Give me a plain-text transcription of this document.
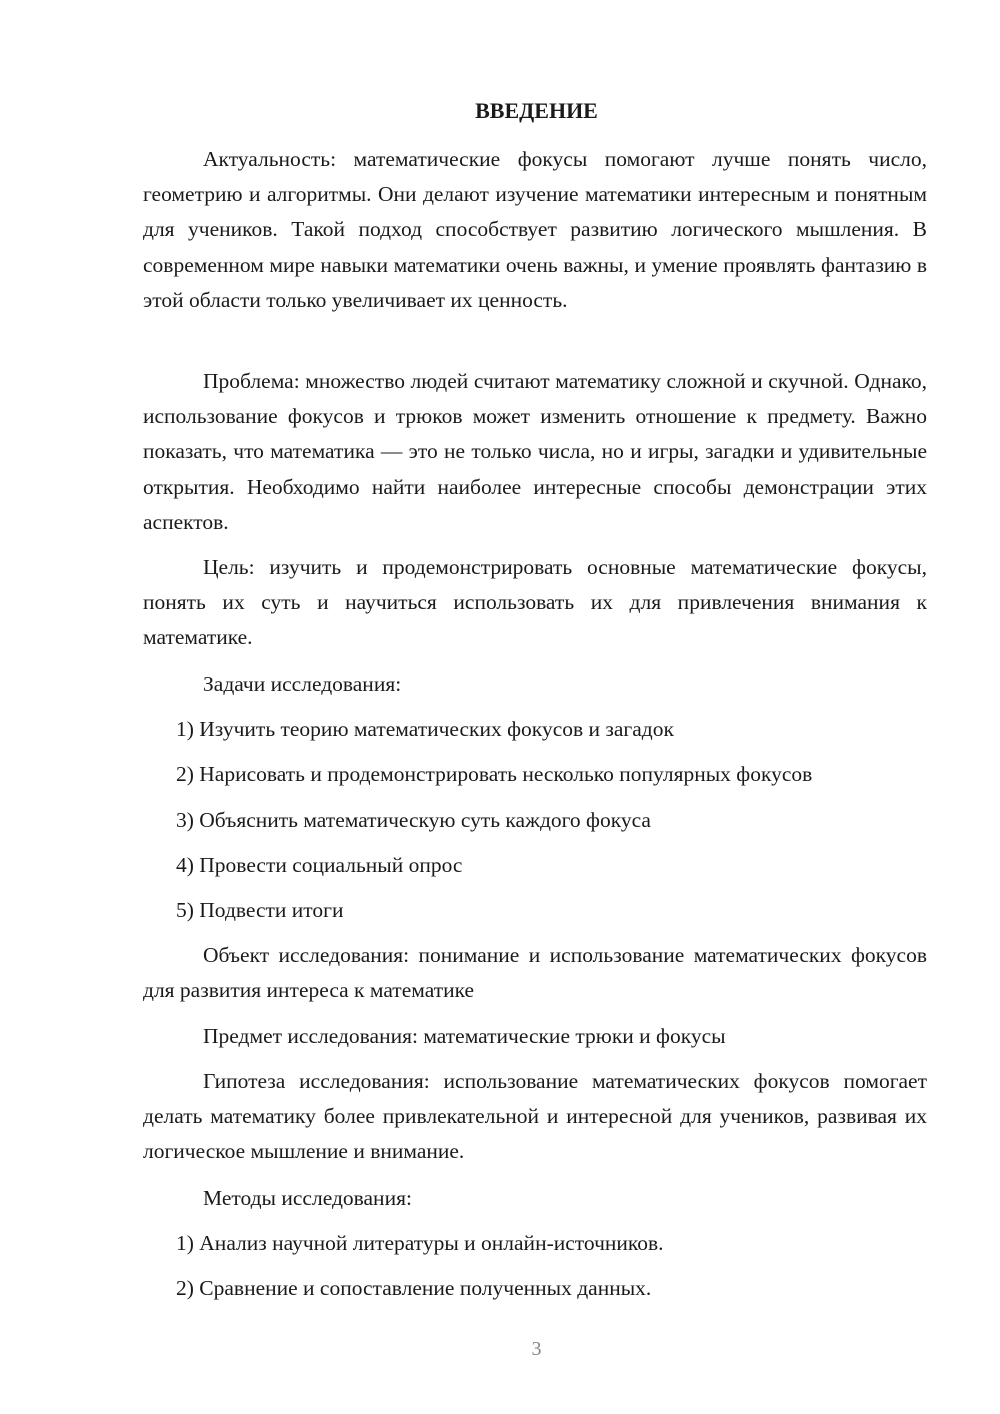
ВВЕДЕНИЕ

Актуальность: математические фокусы помогают лучше понять число, геометрию и алгоритмы. Они делают изучение математики интересным и понятным для учеников. Такой подход способствует развитию логического мышления. В современном мире навыки математики очень важны, и умение проявлять фантазию в этой области только увеличивает их ценность.

Проблема: множество людей считают математику сложной и скучной. Однако, использование фокусов и трюков может изменить отношение к предмету. Важно показать, что математика — это не только числа, но и игры, загадки и удивительные открытия. Необходимо найти наиболее интересные способы демонстрации этих аспектов.

Цель: изучить и продемонстрировать основные математические фокусы, понять их суть и научиться использовать их для привлечения внимания к математике.

Задачи исследования:

1) Изучить теорию математических фокусов и загадок

2) Нарисовать и продемонстрировать несколько популярных фокусов

3) Объяснить математическую суть каждого фокуса

4) Провести социальный опрос

5) Подвести итоги

Объект исследования: понимание и использование математических фокусов для развития интереса к математике

Предмет исследования: математические трюки и фокусы

Гипотеза исследования: использование математических фокусов помогает делать математику более привлекательной и интересной для учеников, развивая их логическое мышление и внимание.

Методы исследования:

1) Анализ научной литературы и онлайн-источников.

2) Сравнение и сопоставление полученных данных.

3
